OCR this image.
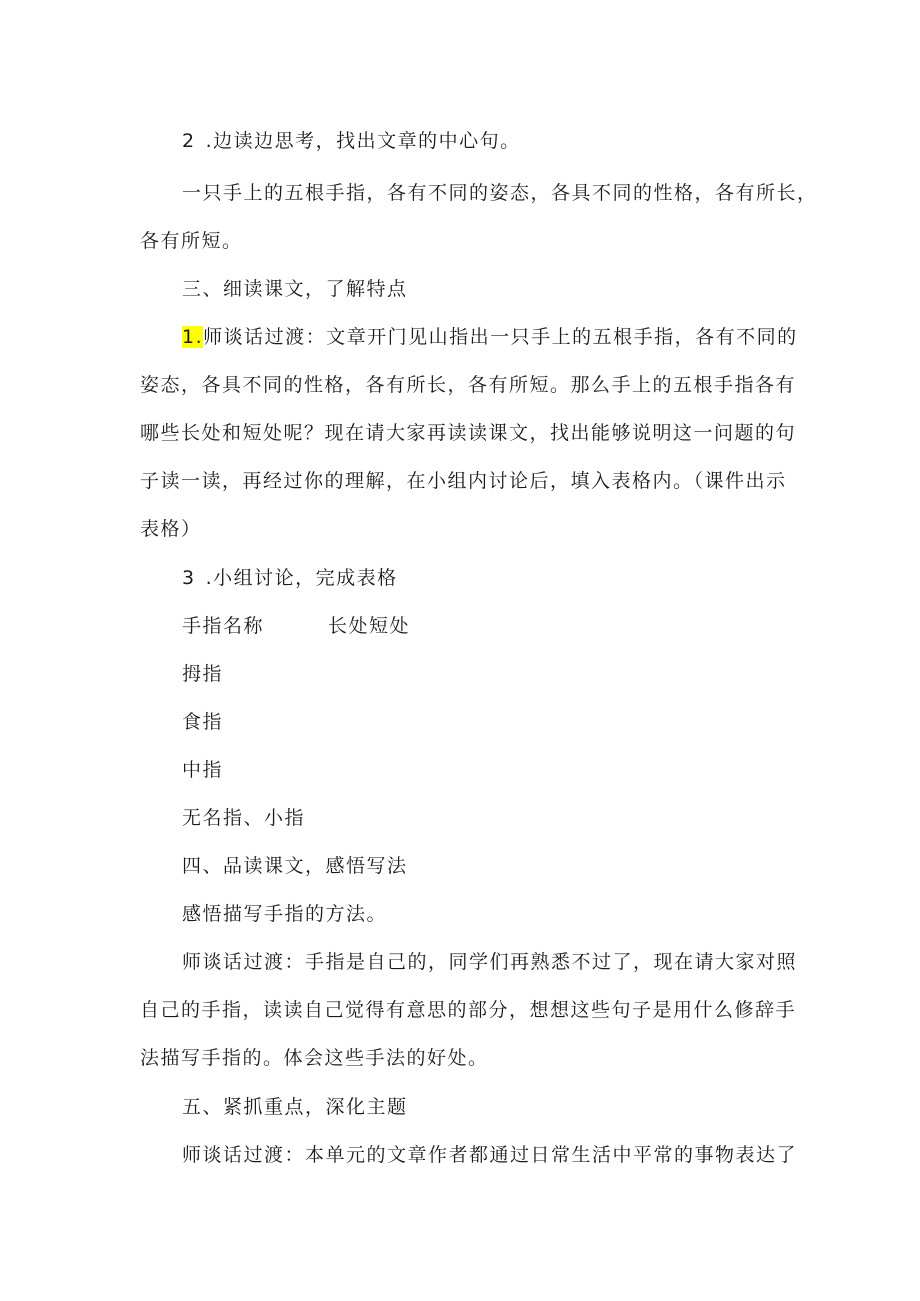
2 .边读边思考，找出文章的中心句。
一只手上的五根手指，各有不同的姿态，各具不同的性格，各有所长，
各有所短。
三、细读课文，了解特点
1.师谈话过渡：文章开门见山指出一只手上的五根手指，各有不同的
姿态，各具不同的性格，各有所长，各有所短。那么手上的五根手指各有
哪些长处和短处呢？现在请大家再读读课文，找出能够说明这一问题的句
子读一读，再经过你的理解，在小组内讨论后，填入表格内。（课件出示
表格）
3 .小组讨论，完成表格
手指名称	长处短处
拇指
食指
中指
无名指、小指
四、品读课文，感悟写法
感悟描写手指的方法。
师谈话过渡：手指是自己的，同学们再熟悉不过了，现在请大家对照
自己的手指，读读自己觉得有意思的部分，想想这些句子是用什么修辞手
法描写手指的。体会这些手法的好处。
五、紧抓重点，深化主题
师谈话过渡：本单元的文章作者都通过日常生活中平常的事物表达了
